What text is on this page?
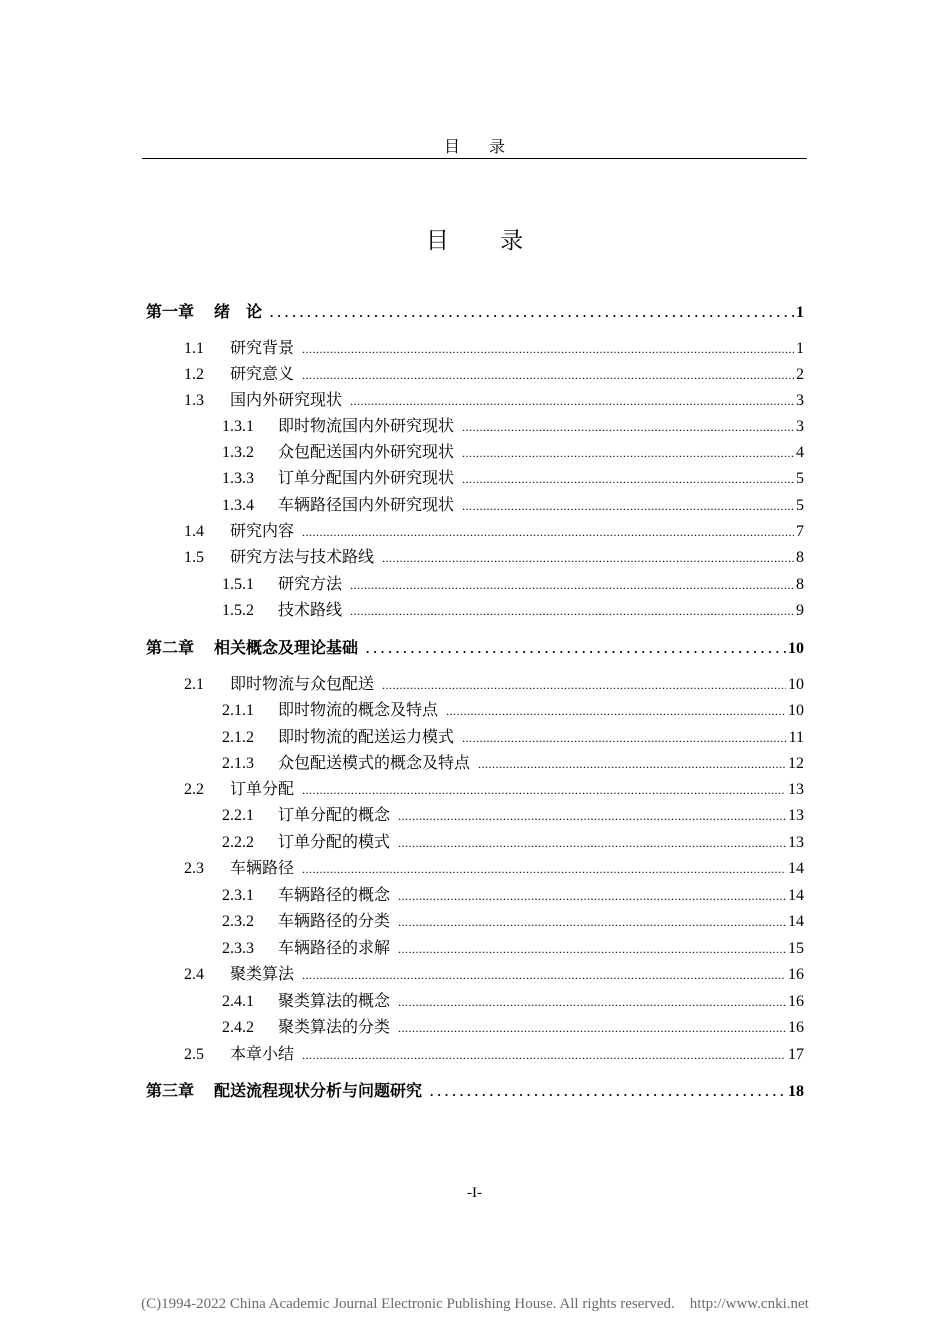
目 录
目 录
第一章 绪　论 .....	1
1.1	研究背景 .....	1
1.2	研究意义 .....	2
1.3	国内外研究现状 .....	3
1.3.1	即时物流国内外研究现状 .....	3
1.3.2	众包配送国内外研究现状 .....	4
1.3.3	订单分配国内外研究现状 .....	5
1.3.4	车辆路径国内外研究现状 .....	5
1.4	研究内容 .....	7
1.5	研究方法与技术路线 .....	8
1.5.1	研究方法 .....	8
1.5.2	技术路线 .....	9
第二章 相关概念及理论基础 .....	10
2.1	即时物流与众包配送 .....	10
2.1.1	即时物流的概念及特点 .....	10
2.1.2	即时物流的配送运力模式 .....	11
2.1.3	众包配送模式的概念及特点 .....	12
2.2	订单分配 .....	13
2.2.1	订单分配的概念 .....	13
2.2.2	订单分配的模式 .....	13
2.3	车辆路径 .....	14
2.3.1	车辆路径的概念 .....	14
2.3.2	车辆路径的分类 .....	14
2.3.3	车辆路径的求解 .....	15
2.4	聚类算法 .....	16
2.4.1	聚类算法的概念 .....	16
2.4.2	聚类算法的分类 .....	16
2.5	本章小结 .....	17
第三章 配送流程现状分析与问题研究 .....	18
-I-
(C)1994-2022 China Academic Journal Electronic Publishing House. All rights reserved.    http://www.cnki.net
